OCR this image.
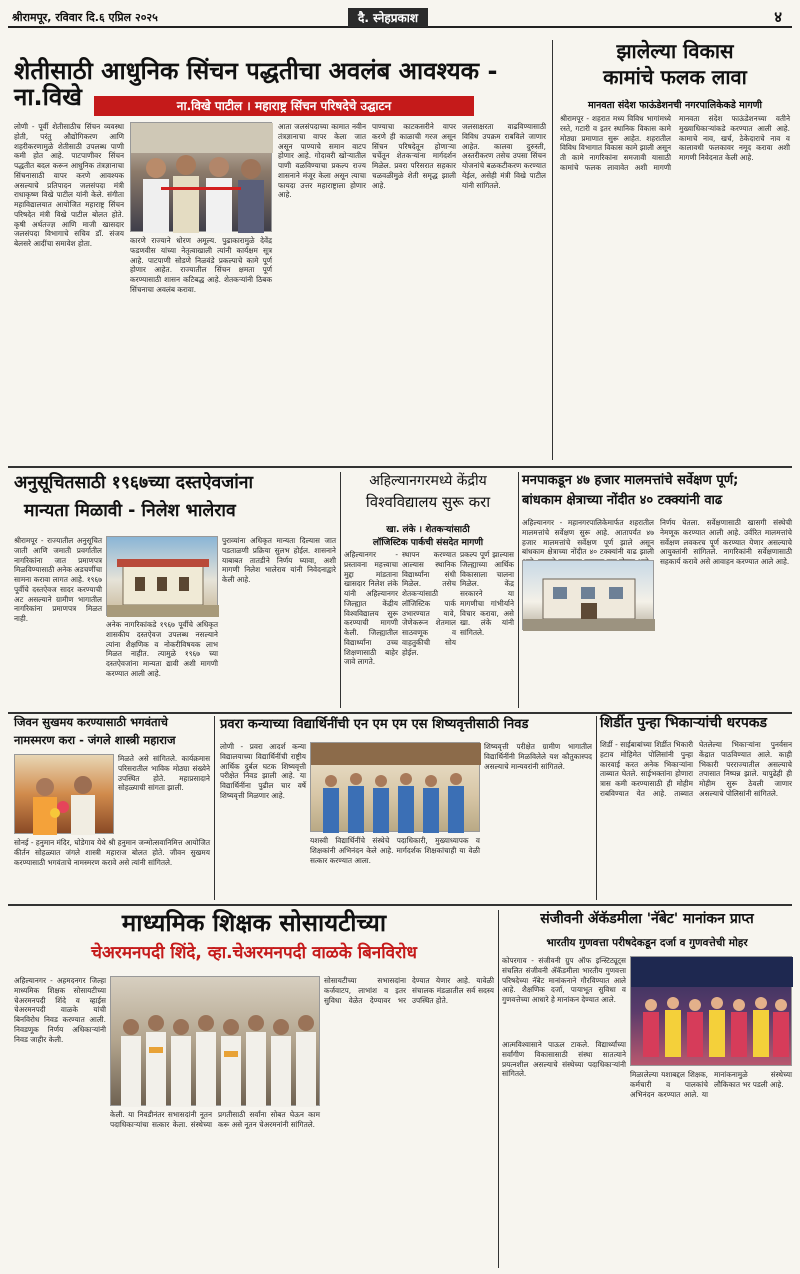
श्रीरामपूर, रविवार दि.६ एप्रिल २०२५	दै. स्नेहप्रकाश	४
शेतीसाठी आधुनिक सिंचन पद्धतीचा अवलंब आवश्यक - ना.विखे	ना.विखे पाटील । महाराष्ट्र सिंचन परिषदेचे उद्घाटन
लोणी - पूर्वी शेतीसाठीच सिंचन व्यवस्था होती, परंतु औद्योगिकरण आणि शहरीकरणामुळे शेतीसाठी उपलब्ध पाणी कमी होत आहे. पाटपाणीवर सिंचन पद्धतीत बदल करून आधुनिक तंत्रज्ञानाचा सिंचनासाठी वापर करणे आवश्यक असल्याचे प्रतिपादन जलसंपदा मंत्री राधाकृष्ण विखे पाटील यांनी केले. संगीता महाविद्यालयात आयोजित महाराष्ट्र सिंचन परिषदेत मंत्री विखे पाटील बोलत होते. कृषी अर्थतज्ज्ञ आणि माजी खासदार जलसंपदा विभागाचे सचिव डॉ. संजय बेलसरे आदींचा समावेश होता.	कारणे राज्याने धोरण अमूल्य. पुढाकारामुळे देवेंद्र फडणवीस यांच्या नेतृत्वाखाली त्यांनी कार्यक्षम सूत्र आहे. पाटपाणी सोडणे निळवंडे प्रकल्पाचे कामे पूर्ण होणार आहेत. राज्यातील सिंचन क्षमता पूर्ण करण्यासाठी शासन कटिबद्ध आहे. शेतकऱ्यांनी ठिबक सिंचनाचा अवलंब करावा.
आता जलसंपदाच्या कामात नवीन तंत्रज्ञानाचा वापर केला जात असून पाण्याचे समान वाटप होणार आहे. गोदावरी खोऱ्यातील पाणी वळविण्याचा प्रकल्प राज्य शासनाने मंजूर केला असून त्याचा फायदा उत्तर महाराष्ट्राला होणार आहे.
पाण्याचा काटकसरीने वापर करणे ही काळाची गरज असून सिंचन परिषदेतून होणाऱ्या चर्चेतून शेतकऱ्यांना मार्गदर्शन मिळेल. प्रवरा परिसरात सहकार चळवळीमुळे शेती समृद्ध झाली आहे.
जलसाक्षरता वाढविण्यासाठी विविध उपक्रम राबविले जाणार आहेत. कालवा दुरुस्ती, अस्तरीकरण तसेच उपसा सिंचन योजनांचे बळकटीकरण करण्यात येईल, असेही मंत्री विखे पाटील यांनी सांगितले.
झालेल्या विकास
कामांचे फलक लावा
मानवता संदेश फाऊंडेशनची नगरपालिकेकडे मागणी
श्रीरामपूर - शहरात मध्य विविध भागांमध्ये रस्ते, गटारी व इतर स्थानिक विकास कामे मोठ्या प्रमाणात सुरू आहेत. शहरातील विविध विभागात विकास कामे झाली असून ती कामे नागरिकांना समजावी यासाठी कामांचे फलक लावावेत अशी मागणी मानवता संदेश फाऊंडेशनच्या वतीने मुख्याधिकाऱ्यांकडे करण्यात आली आहे. कामाचे नाव, खर्च, ठेकेदाराचे नाव व कालावधी फलकावर नमूद करावा अशी मागणी निवेदनात केली आहे.
अनुसूचितसाठी १९६७च्या दस्तऐवजांना
मान्यता मिळावी - निलेश भालेराव
श्रीरामपूर - राज्यातील अनुसूचित जाती आणि जमाती प्रवर्गातील नागरिकांना जात प्रमाणपत्र मिळविण्यासाठी अनेक अडचणींचा सामना करावा लागत आहे. १९६७ पूर्वीचे दस्तऐवज सादर करण्याची अट असल्याने ग्रामीण भागातील नागरिकांना प्रमाणपत्र मिळत नाही.
अनेक नागरिकांकडे १९६७ पूर्वीचे अधिकृत शासकीय दस्तऐवज उपलब्ध नसल्याने त्यांना शैक्षणिक व नोकरीविषयक लाभ मिळत नाहीत. त्यामुळे १९६७ च्या दस्तऐवजांना मान्यता द्यावी अशी मागणी करण्यात आली आहे.
पुराव्यांना अधिकृत मान्यता दिल्यास जात पडताळणी प्रक्रिया सुलभ होईल. शासनाने याबाबत तातडीने निर्णय घ्यावा, अशी मागणी निलेश भालेराव यांनी निवेदनाद्वारे केली आहे.
अहिल्यानगरमध्ये केंद्रीय
विश्वविद्यालय सुरू करा
खा. लंके । शेतकऱ्यांसाठी
लॉजिस्टिक पार्कची संसदेत मागणी
अहिल्यानगर - प्रस्तावना महत्त्वाचा मुद्दा मांडताना खासदार निलेश लंके यांनी अहिल्यानगर जिल्ह्यात केंद्रीय विश्वविद्यालय सुरू करण्याची मागणी केली. जिल्ह्यातील विद्यार्थ्यांना उच्च शिक्षणासाठी बाहेर जावे लागते.
स्थापन करण्यात आल्यास स्थानिक विद्यार्थ्यांना संधी मिळेल. तसेच शेतकऱ्यांसाठी लॉजिस्टिक पार्क उभारण्यात यावे, जेणेकरून शेतमाल साठवणूक व वाहतुकीची सोय होईल.
प्रकल्प पूर्ण झाल्यास जिल्ह्याच्या आर्थिक विकासाला चालना मिळेल. केंद्र सरकारने या मागणीचा गांभीर्याने विचार करावा, असे खा. लंके यांनी सांगितले.
मनपाकडून ४७ हजार मालमत्तांचे सर्वेक्षण पूर्ण;
बांधकाम क्षेत्राच्या नोंदीत ४० टक्क्यांनी वाढ
अहिल्यानगर - महानगरपालिकेमार्फत शहरातील मालमत्तांचे सर्वेक्षण सुरू आहे. आतापर्यंत ४७ हजार मालमत्तांचे सर्वेक्षण पूर्ण झाले असून बांधकाम क्षेत्राच्या नोंदीत ४० टक्क्यांनी वाढ झाली
निर्णय घेतला. सर्वेक्षणासाठी खासगी संस्थेची नेमणूक करण्यात आली आहे. उर्वरित मालमत्तांचे सर्वेक्षण लवकरच पूर्ण करण्यात येणार असल्याचे आयुक्तांनी सांगितले. नागरिकांनी सर्वेक्षणासाठी सहकार्य करावे असे आवाहन करण्यात आले आहे.
जिवन सुखमय करण्यासाठी भगवंताचे
नामस्मरण करा - जंगले शास्त्री महाराज
मिळते असे सांगितले. कार्यक्रमास परिसरातील भाविक मोठ्या संख्येने उपस्थित होते. महाप्रसादाने सोहळ्याची सांगता झाली.
सोनई - हनुमान मंदिर, घोडेगाव येथे श्री हनुमान जन्मोत्सवानिमित्त आयोजित कीर्तन सोहळ्यात जंगले शास्त्री महाराज बोलत होते. जीवन सुखमय करण्यासाठी भगवंताचे नामस्मरण करावे असे त्यांनी सांगितले.
प्रवरा कन्याच्या विद्यार्थिनींची एन एम एम एस शिष्यवृत्तीसाठी निवड
लोणी - प्रवरा आदर्श कन्या विद्यालयाच्या विद्यार्थिनींची राष्ट्रीय आर्थिक दुर्बल घटक शिष्यवृत्ती परीक्षेत निवड झाली आहे. या विद्यार्थिनींना पुढील चार वर्षे शिष्यवृत्ती मिळणार आहे.
यशस्वी विद्यार्थिनींचे संस्थेचे पदाधिकारी, मुख्याध्यापक व शिक्षकांनी अभिनंदन केले आहे. मार्गदर्शक शिक्षकांचाही या वेळी सत्कार करण्यात आला.
शिष्यवृत्ती परीक्षेत ग्रामीण भागातील विद्यार्थिनींनी मिळविलेले यश कौतुकास्पद असल्याचे मान्यवरांनी सांगितले.
शिर्डीत पुन्हा भिकाऱ्यांची धरपकड
शिर्डी - साईबाबांच्या शिर्डीत भिकारी हटाव मोहिमेत पोलिसांनी पुन्हा कारवाई करत अनेक भिकाऱ्यांना ताब्यात घेतले. साईभक्तांना होणारा त्रास कमी करण्यासाठी ही मोहीम राबविण्यात येत आहे. ताब्यात घेतलेल्या भिकाऱ्यांना पुनर्वसन केंद्रात पाठविण्यात आले. काही भिकारी परराज्यातील असल्याचे तपासात निष्पन्न झाले. यापुढेही ही मोहीम सुरू ठेवली जाणार असल्याचे पोलिसांनी सांगितले.
माध्यमिक शिक्षक सोसायटीच्या
चेअरमनपदी शिंदे, व्हा.चेअरमनपदी वाळके बिनविरोध
अहिल्यानगर - अहमदनगर जिल्हा माध्यमिक शिक्षक सोसायटीच्या चेअरमनपदी शिंदे व व्हाईस चेअरमनपदी वाळके यांची बिनविरोध निवड करण्यात आली. निवडणूक निर्णय अधिकाऱ्यांनी निवड जाहीर केली.
केली. या निवडीनंतर सभासदांनी नूतन पदाधिकाऱ्यांचा सत्कार केला. संस्थेच्या प्रगतीसाठी सर्वांना सोबत घेऊन काम करू असे नूतन चेअरमनांनी सांगितले.
सोसायटीच्या सभासदांना कर्जवाटप, लाभांश व इतर सुविधा वेळेत देण्यावर भर देण्यात येणार आहे. यावेळी संचालक मंडळातील सर्व सदस्य उपस्थित होते.
संजीवनी ॲकॅडमीला 'नॅबेट' मानांकन प्राप्त
भारतीय गुणवत्ता परीषदेकडून दर्जा व गुणवत्तेची मोहर
कोपरगाव - संजीवनी ग्रुप ऑफ इन्स्टिट्यूट्स संचलित संजीवनी ॲकॅडमीला भारतीय गुणवत्ता परिषदेच्या नॅबेट मानांकनाने गौरविण्यात आले आहे. शैक्षणिक दर्जा, पायाभूत सुविधा व गुणवत्तेच्या आधारे हे मानांकन देण्यात आले.
आत्मविश्वासाने पाऊल टाकले. विद्यार्थ्यांच्या सर्वांगीण विकासासाठी संस्था सातत्याने प्रयत्नशील असल्याचे संस्थेच्या पदाधिकाऱ्यांनी सांगितले.	मिळालेल्या यशाबद्दल शिक्षक, कर्मचारी व पालकांचे अभिनंदन करण्यात आले. या मानांकनामुळे संस्थेच्या लौकिकात भर पडली आहे.
